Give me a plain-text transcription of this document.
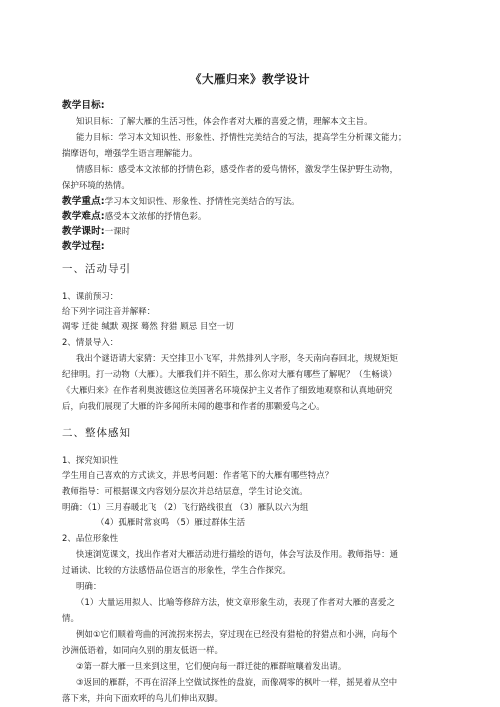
《大雁归来》教学设计
教学目标:
知识目标：了解大雁的生活习性，体会作者对大雁的喜爱之情，理解本文主旨。
能力目标：学习本文知识性、形象性、抒情性完美结合的写法，提高学生分析课文能力；
揣摩语句，增强学生语言理解能力。
情感目标：感受本文浓郁的抒情色彩，感受作者的爱鸟情怀，激发学生保护野生动物，
保护环境的热情。
教学重点:学习本文知识性、形象性、抒情性完美结合的写法。
教学难点:感受本文浓郁的抒情色彩。
教学课时:一课时
教学过程:
一、活动导引
1、课前预习：
给下列字词注音并解释：
凋零 迁徙 缄默 观探 蓦然 狩猎 顾忌 目空一切
2、情景导入：
我出个谜语请大家猜：天空排卫小飞军，井然排列人字形，冬天南向春回北，规规矩矩
纪律明。打一动物（大雁）。大雁我们并不陌生，那么你对大雁有哪些了解呢？（生畅谈）
《大雁归来》在作者利奥波德这位美国著名环境保护主义者作了细致地观察和认真地研究
后，向我们展现了大雁的许多闻所未闻的趣事和作者的那颗爱鸟之心。
二、整体感知
1、探究知识性
学生用自己喜欢的方式读文，并思考问题：作者笔下的大雁有哪些特点？
教师指导：可根据课文内容划分层次并总结层意，学生讨论交流。
明确：（1）三月春暖北飞 （2）飞行路线很直 （3）雁队以六为组
（4）孤雁时常哀鸣 （5）雁过群体生活
2、品位形象性
快速浏览课文，找出作者对大雁活动进行描绘的语句，体会写法及作用。教师指导：通
过诵读、比较的方法感悟品位语言的形象性，学生合作探究。
明确：
（1）大量运用拟人、比喻等修辞方法，使文章形象生动，表现了作者对大雁的喜爱之
情。
例如①它们顺着弯曲的河流拐来拐去，穿过现在已经没有猎枪的狩猎点和小洲，向每个
沙洲低语着，如同向久别的朋友低语一样。
②第一群大雁一旦来到这里，它们便向每一群迁徙的雁群喧嚷着发出请。
③返回的雁群，不再在沼泽上空做试探性的盘旋，而像凋零的枫叶一样，摇晃着从空中
落下来，并向下面欢呼的鸟儿们伸出双脚。
